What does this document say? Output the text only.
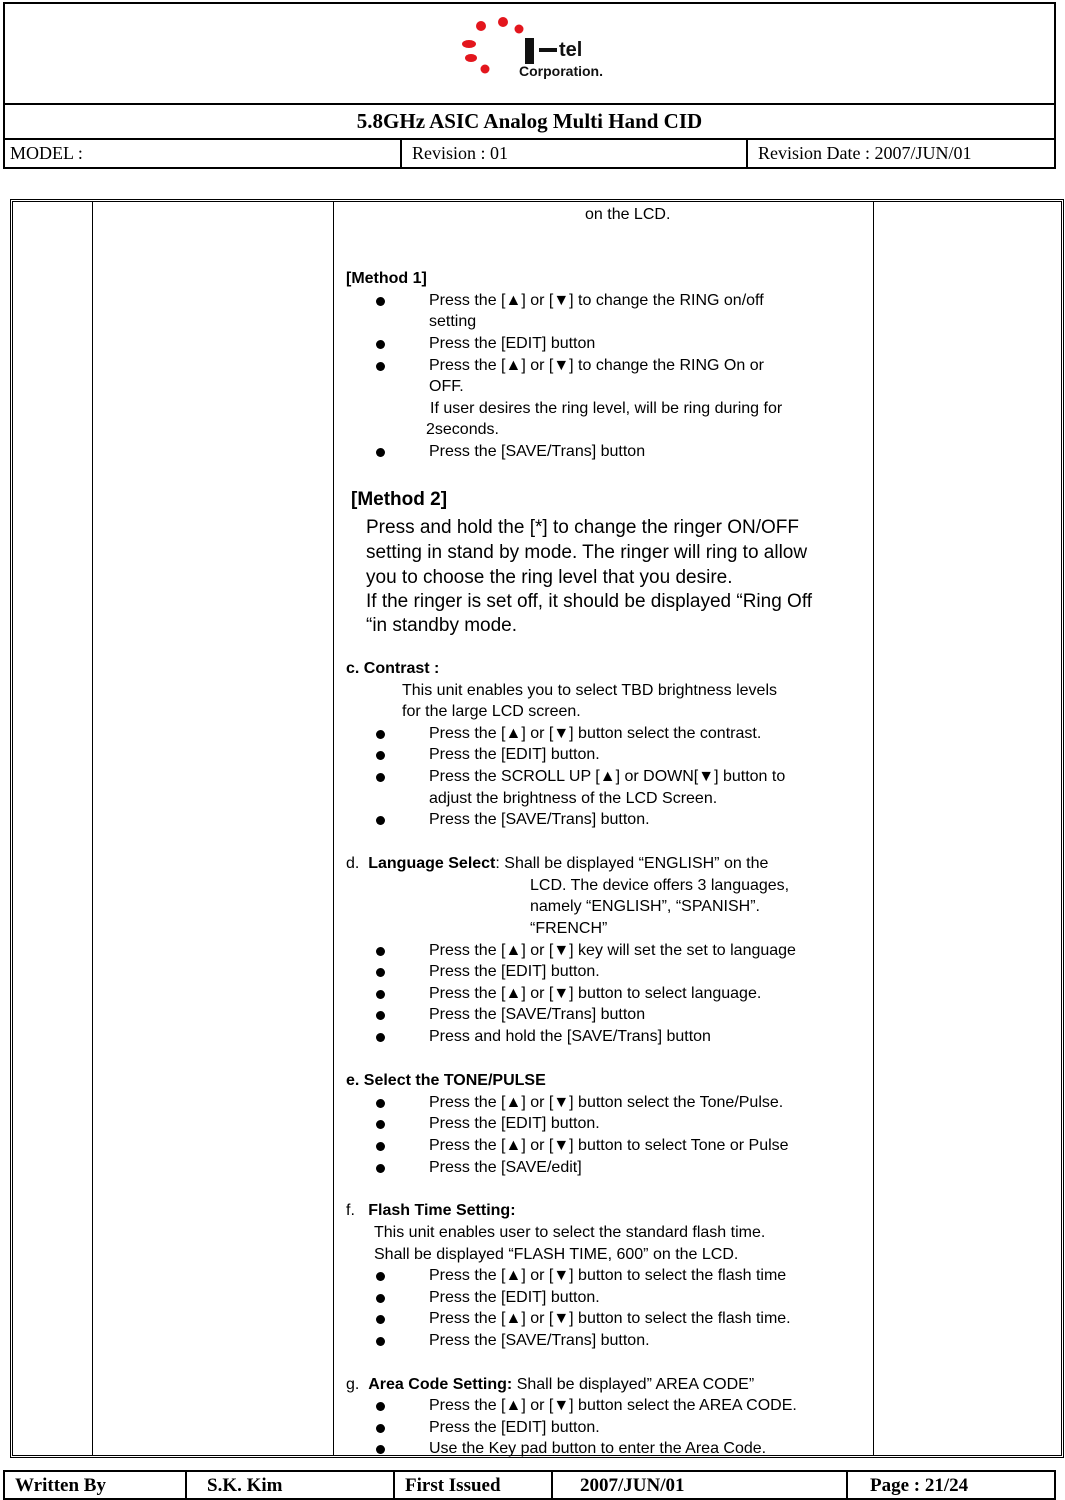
tel
Corporation.
5.8GHz ASIC Analog Multi Hand CID
MODEL :	Revision : 01	Revision Date : 2007/JUN/01
on the LCD.
[Method 1]
Press the [▲] or [▼] to change the RING on/off
setting
Press the [EDIT] button
Press the [▲] or [▼] to change the RING On or
OFF.
If user desires the ring level, will be ring during for
2seconds.
Press the [SAVE/Trans] button
[Method 2]
Press and hold the [*] to change the ringer ON/OFF
setting in stand by mode. The ringer will ring to allow
you to choose the ring level that you desire.
If the ringer is set off, it should be displayed “Ring Off
“in standby mode.
c. Contrast :
This unit enables you to select TBD brightness levels
for the large LCD screen.
Press the [▲] or [▼] button select the contrast.
Press the [EDIT] button.
Press the SCROLL UP [▲] or DOWN[▼] button to
adjust the brightness of the LCD Screen.
Press the [SAVE/Trans] button.
d. Language Select: Shall be displayed “ENGLISH” on the
LCD. The device offers 3 languages,
namely “ENGLISH”, “SPANISH”.
“FRENCH”
Press the [▲] or [▼] key will set the set to language
Press the [EDIT] button.
Press the [▲] or [▼] button to select language.
Press the [SAVE/Trans] button
Press and hold the [SAVE/Trans] button
e. Select the TONE/PULSE
Press the [▲] or [▼] button select the Tone/Pulse.
Press the [EDIT] button.
Press the [▲] or [▼] button to select Tone or Pulse
Press the [SAVE/edit]
f. Flash Time Setting:
This unit enables user to select the standard flash time.
Shall be displayed “FLASH TIME, 600” on the LCD.
Press the [▲] or [▼] button to select the flash time
Press the [EDIT] button.
Press the [▲] or [▼] button to select the flash time.
Press the [SAVE/Trans] button.
g. Area Code Setting: Shall be displayed” AREA CODE”
Press the [▲] or [▼] button select the AREA CODE.
Press the [EDIT] button.
Use the Key pad button to enter the Area Code.
Written By	S.K. Kim	First Issued	2007/JUN/01	Page : 21/24
